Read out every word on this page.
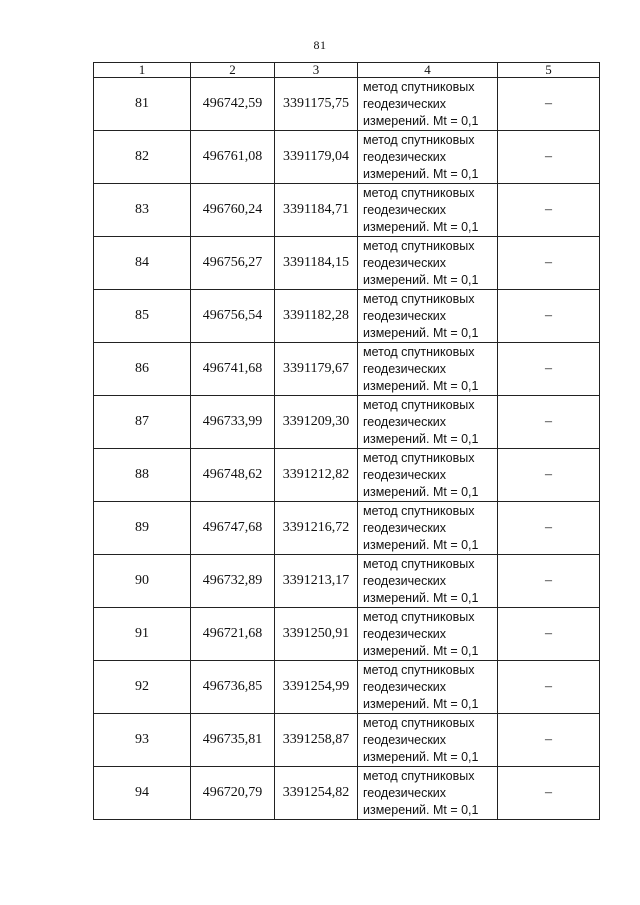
81
1	2	3	4	5
81	496742,59	3391175,75	метод спутниковых геодезических измерений. Mt = 0,1	–
82	496761,08	3391179,04	метод спутниковых геодезических измерений. Mt = 0,1	–
83	496760,24	3391184,71	метод спутниковых геодезических измерений. Mt = 0,1	–
84	496756,27	3391184,15	метод спутниковых геодезических измерений. Mt = 0,1	–
85	496756,54	3391182,28	метод спутниковых геодезических измерений. Mt = 0,1	–
86	496741,68	3391179,67	метод спутниковых геодезических измерений. Mt = 0,1	–
87	496733,99	3391209,30	метод спутниковых геодезических измерений. Mt = 0,1	–
88	496748,62	3391212,82	метод спутниковых геодезических измерений. Mt = 0,1	–
89	496747,68	3391216,72	метод спутниковых геодезических измерений. Mt = 0,1	–
90	496732,89	3391213,17	метод спутниковых геодезических измерений. Mt = 0,1	–
91	496721,68	3391250,91	метод спутниковых геодезических измерений. Mt = 0,1	–
92	496736,85	3391254,99	метод спутниковых геодезических измерений. Mt = 0,1	–
93	496735,81	3391258,87	метод спутниковых геодезических измерений. Mt = 0,1	–
94	496720,79	3391254,82	метод спутниковых геодезических измерений. Mt = 0,1	–
